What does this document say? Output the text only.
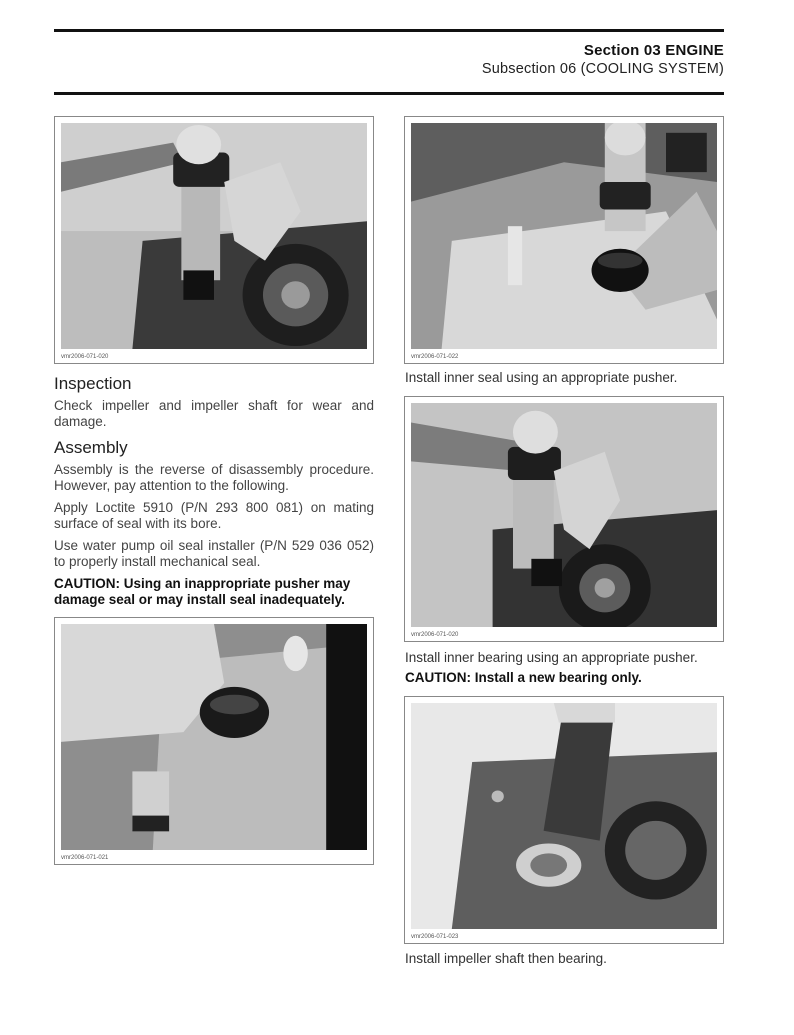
Section 03 ENGINE
Subsection 06 (COOLING SYSTEM)
vmr2006-071-020	vmr2006-071-022
Install inner seal using an appropriate pusher.
Inspection
Check impeller and impeller shaft for wear and damage.
Assembly
Assembly is the reverse of disassembly procedure. However, pay attention to the following.
Apply Loctite 5910 (P/N 293 800 081) on mating surface of seal with its bore.
Use water pump oil seal installer (P/N 529 036 052) to properly install mechanical seal.
CAUTION: Using an inappropriate pusher may damage seal or may install seal inadequately.
vmr2006-071-020
Install inner bearing using an appropriate pusher.
CAUTION: Install a new bearing only.
vmr2006-071-021
vmr2006-071-023
Install impeller shaft then bearing.
